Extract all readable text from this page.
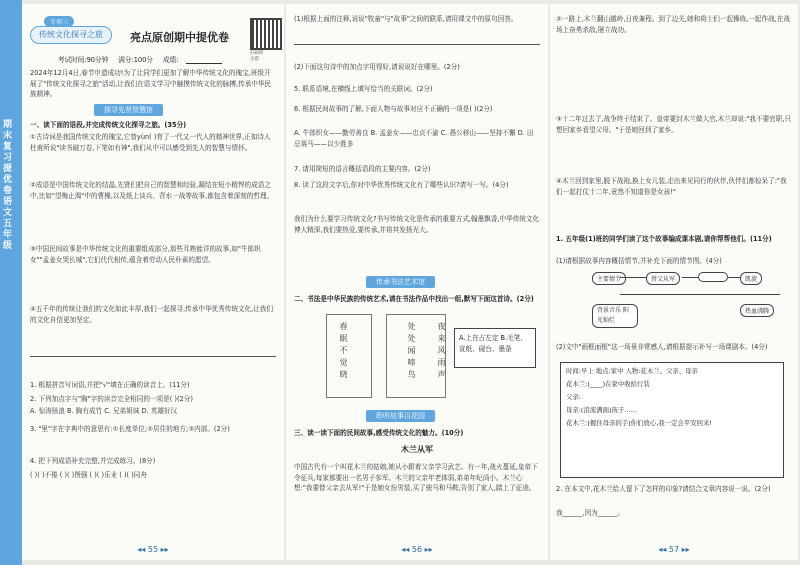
期末复习提优卷 语文 五年级
专项三
传统文化探寻之旅	亮点原创期中提优卷
扫码听示范
考试时间:90分钟 满分:100分 成绩:
2024年12月4日,春节申遗成功!为了让同学们更加了解中华传统文化的瑰宝,班级开展了"传统文化探寻之旅"活动,让我们在语文学习中触摸传统文化的脉搏,传承中华民族精神。
探寻先贤智慧馆
一、读下面的语段,并完成传统文化探寻之旅。(35分)
①古诗词是我国传统文化的瑰宝,它曾yùn( )育了一代又一代人的精神世界,正如诗人杜甫所说"读书破万卷,下笔如有神",我们从中可以感受到先人的智慧与情怀。
②成语是中国传统文化的结晶,先贤们把自己的智慧和经验,凝结在短小精悍的成语之中,比如"望梅止渴"中的曹操,以及纸上谈兵、背水一战等故事,都包含着深刻的哲理。
③中国民间故事是中华传统文化的重要组成部分,那些耳熟能详的故事,如"牛郎织女""孟姜女哭长城",它们代代相传,蕴含着劳动人民朴素的愿望。
④五千年的传统让我们的文化如此丰厚,我们一起探寻,传承中华优秀传统文化,让我们的文化自信更加坚定。
1. 根据拼音写词语,并把"√"填在正确的读音上。(11分)
2. 下列加点字与"胸"字的读音完全相同的一项是( )(2分)
A. 惊涛骇浪 B. 胸有成竹 C. 兄弟姐妹 D. 英雄好汉
3. "里"字在字典中的意思有:①长度单位;②居住的地方;③内部。(2分)
4. 把下列成语补充完整,并完成练习。(8分)
( )( )不倦 ( )( )图强 ( )( )乐业 ( )( )同舟
◂◂ 55 ▸▸
(1)根据上面的注释,说说"牧童"与"故事"之间的联系,请用课文中的原句回答。
(2)下面这句诗中的加点字用得好,请说说好在哪里。(2分)
5. 联系语境,在横线上填写恰当的关联词。(2分)
6. 根据民间故事的了解,下面人物与故事对应不正确的一项是( )(2分)
A. 牛郎织女——勤劳善良 B. 孟姜女——忠贞不渝 C. 愚公移山——坚持不懈 D. 田忌赛马——以少胜多
7. 请用简短的语言概括语段的主要内容。(2分)
8. 读了这段文字后,你对中华优秀传统文化有了哪些认识?请写一写。(4分)
我们为什么要学习传统文化?书写传统文化是传承的重要方式,翰墨飘香,中华传统文化博大精深,我们要热爱,要传承,并将其发扬光大。
传承书法艺术馆
二、书法是中华民族的传统艺术,请在书法作品中找出一组,默写下面这首诗。(2分)
春眠不觉晓	处处闻啼鸟	夜来风雨声	A.上在占左定 B.毛笔、宣纸、砚台、墨条
聆听故事百花园
三、读一读下面的民间故事,感受传统文化的魅力。(10分)
木兰从军
中国古代有一个叫花木兰的姑娘,她从小跟着父亲学习武艺。有一年,战火蔓延,皇帝下令征兵,每家都要出一名男子参军。木兰的父亲年老体弱,弟弟年纪尚小。木兰心想:"我要替父亲去从军!"于是她女扮男装,买了骏马和马鞍,告别了家人,踏上了征途。
◂◂ 56 ▸▸
②一路上,木兰翻山越岭,日夜兼程。到了边关,她和将士们一起操练,一起作战,在战场上奋勇杀敌,屡立战功。
③十二年过去了,战争终于结束了。皇帝要封木兰做大官,木兰却说:"我不要官职,只想回家乡看望父母。"于是她回到了家乡。
④木兰回到家里,脱下战袍,换上女儿装,走出来见同行的伙伴,伙伴们都惊呆了:"我们一起打仗十二年,竟然不知道你是女孩!"
1. 五年级(1)班的同学们读了这个故事编成课本剧,请你帮帮他们。(11分)
(1)请根据故事内容概括情节,并补充下面的情节图。(4分)
主要情节	替父从军	凯旋
背景音乐 阳光灿烂
热血沸腾
(2)文中"画框面框"这一场景非常感人,请根据提示补写一场课剧本。(4分)
时间:早上 地点:家中 人物:花木兰、父亲、母亲
花木兰:(____)在家中收拾行装
父亲:
母亲:(泪流满面)孩子……
花木兰:(握住母亲的手)你们放心,我一定会平安回来!
2. 在本文中,花木兰给人留下了怎样的印象?请结合文章内容说一说。(2分)
我______,因为______。
◂◂ 57 ▸▸
